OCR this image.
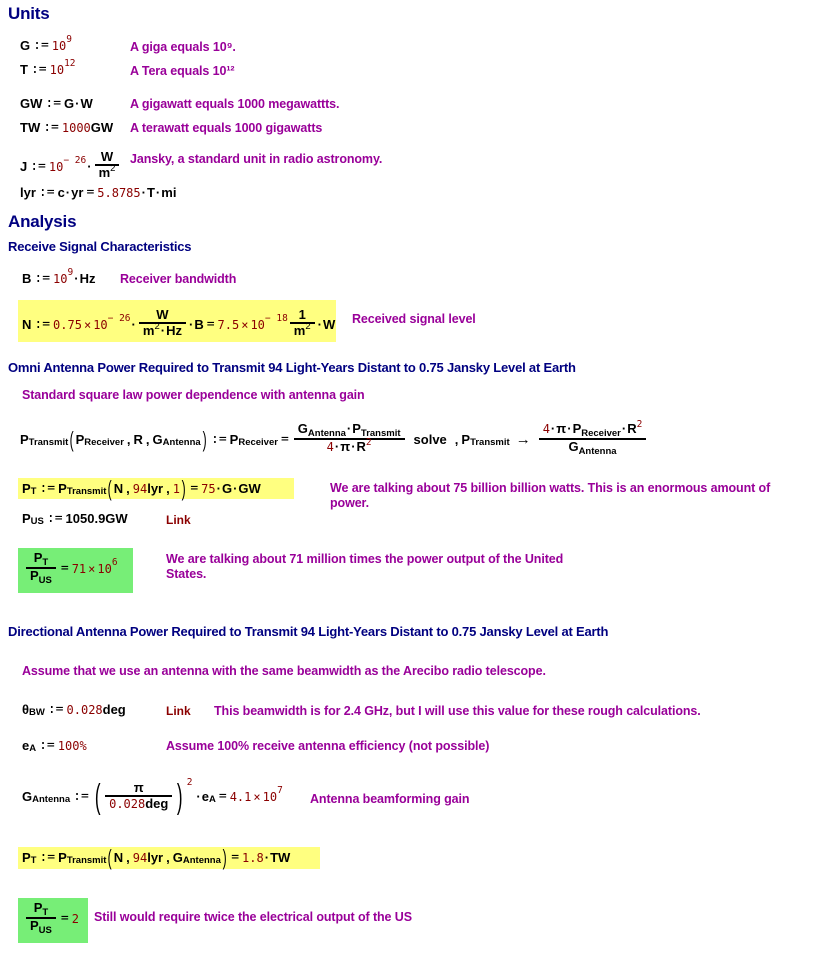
Units
G := 10 9
A giga equals 10⁹.
T := 10 12
A Tera equals 10¹²
GW := G · W	A gigawatt equals 1000 megawattts.
TW := 1000 GW A terawatt equals 1000 gigawatts
J := $10 - 26 \cdot \frac{W}{m^2}$ Jansky, a standard unit in radio astronomy.
lyr := c · yr = 5.8785 · T · mi
Analysis
Receive Signal Characteristics
B := 10 9 · Hz Receiver bandwidth
N := $0.75 \times 10 - 26 \cdot \frac{W}{m^2\cdot Hz} \cdot B = 7.5 \times 10 - 18 \frac{1}{m^2} \cdot W$ Received signal level
Omni Antenna Power Required to Transmit 94 Light-Years Distant to 0.75 Jansky Level at Earth
Standard square law power dependence with antenna gain
P Transmit ( P Receiver , R , G Antenna ) := P Receiver = $\frac{G_{Antenna}\cdot P_{Transmit}}{4\cdot\pi\cdot R^2}$ solve , P Transmit → $\frac{4\cdot\pi\cdot P_{Receiver}\cdot R^2}{G_{Antenna}}$
P T := P Transmit ( N , 94 lyr , 1 ) = 75 · G · GW	We are talking about 75 billion billion watts. This is an enormous amount of power.
P US := 1050.9GW	Link
$\frac{P_T}{P_{US}} = 71 \times 10$ 6	We are talking about 71 million times the power output of the United States.
Directional Antenna Power Required to Transmit 94 Light-Years Distant to 0.75 Jansky Level at Earth
Assume that we use an antenna with the same beamwidth as the Arecibo radio telescope.
θ BW := 0.028 deg	Link This beamwidth is for 2.4 GHz, but I will use this value for these rough calculations.
e A := 100 %	Assume 100% receive antenna efficiency (not possible)
G Antenna := ( $\frac{\pi}{\text{0.028deg}}$ ) 2
· e A = 4.1 × 10 7
Antenna beamforming gain
P T := P Transmit ( N , 94 lyr , G Antenna ) = 1.8 · TW
$\frac{P_T}{P_{US}} = 2$ Still would require twice the electrical output of the US
